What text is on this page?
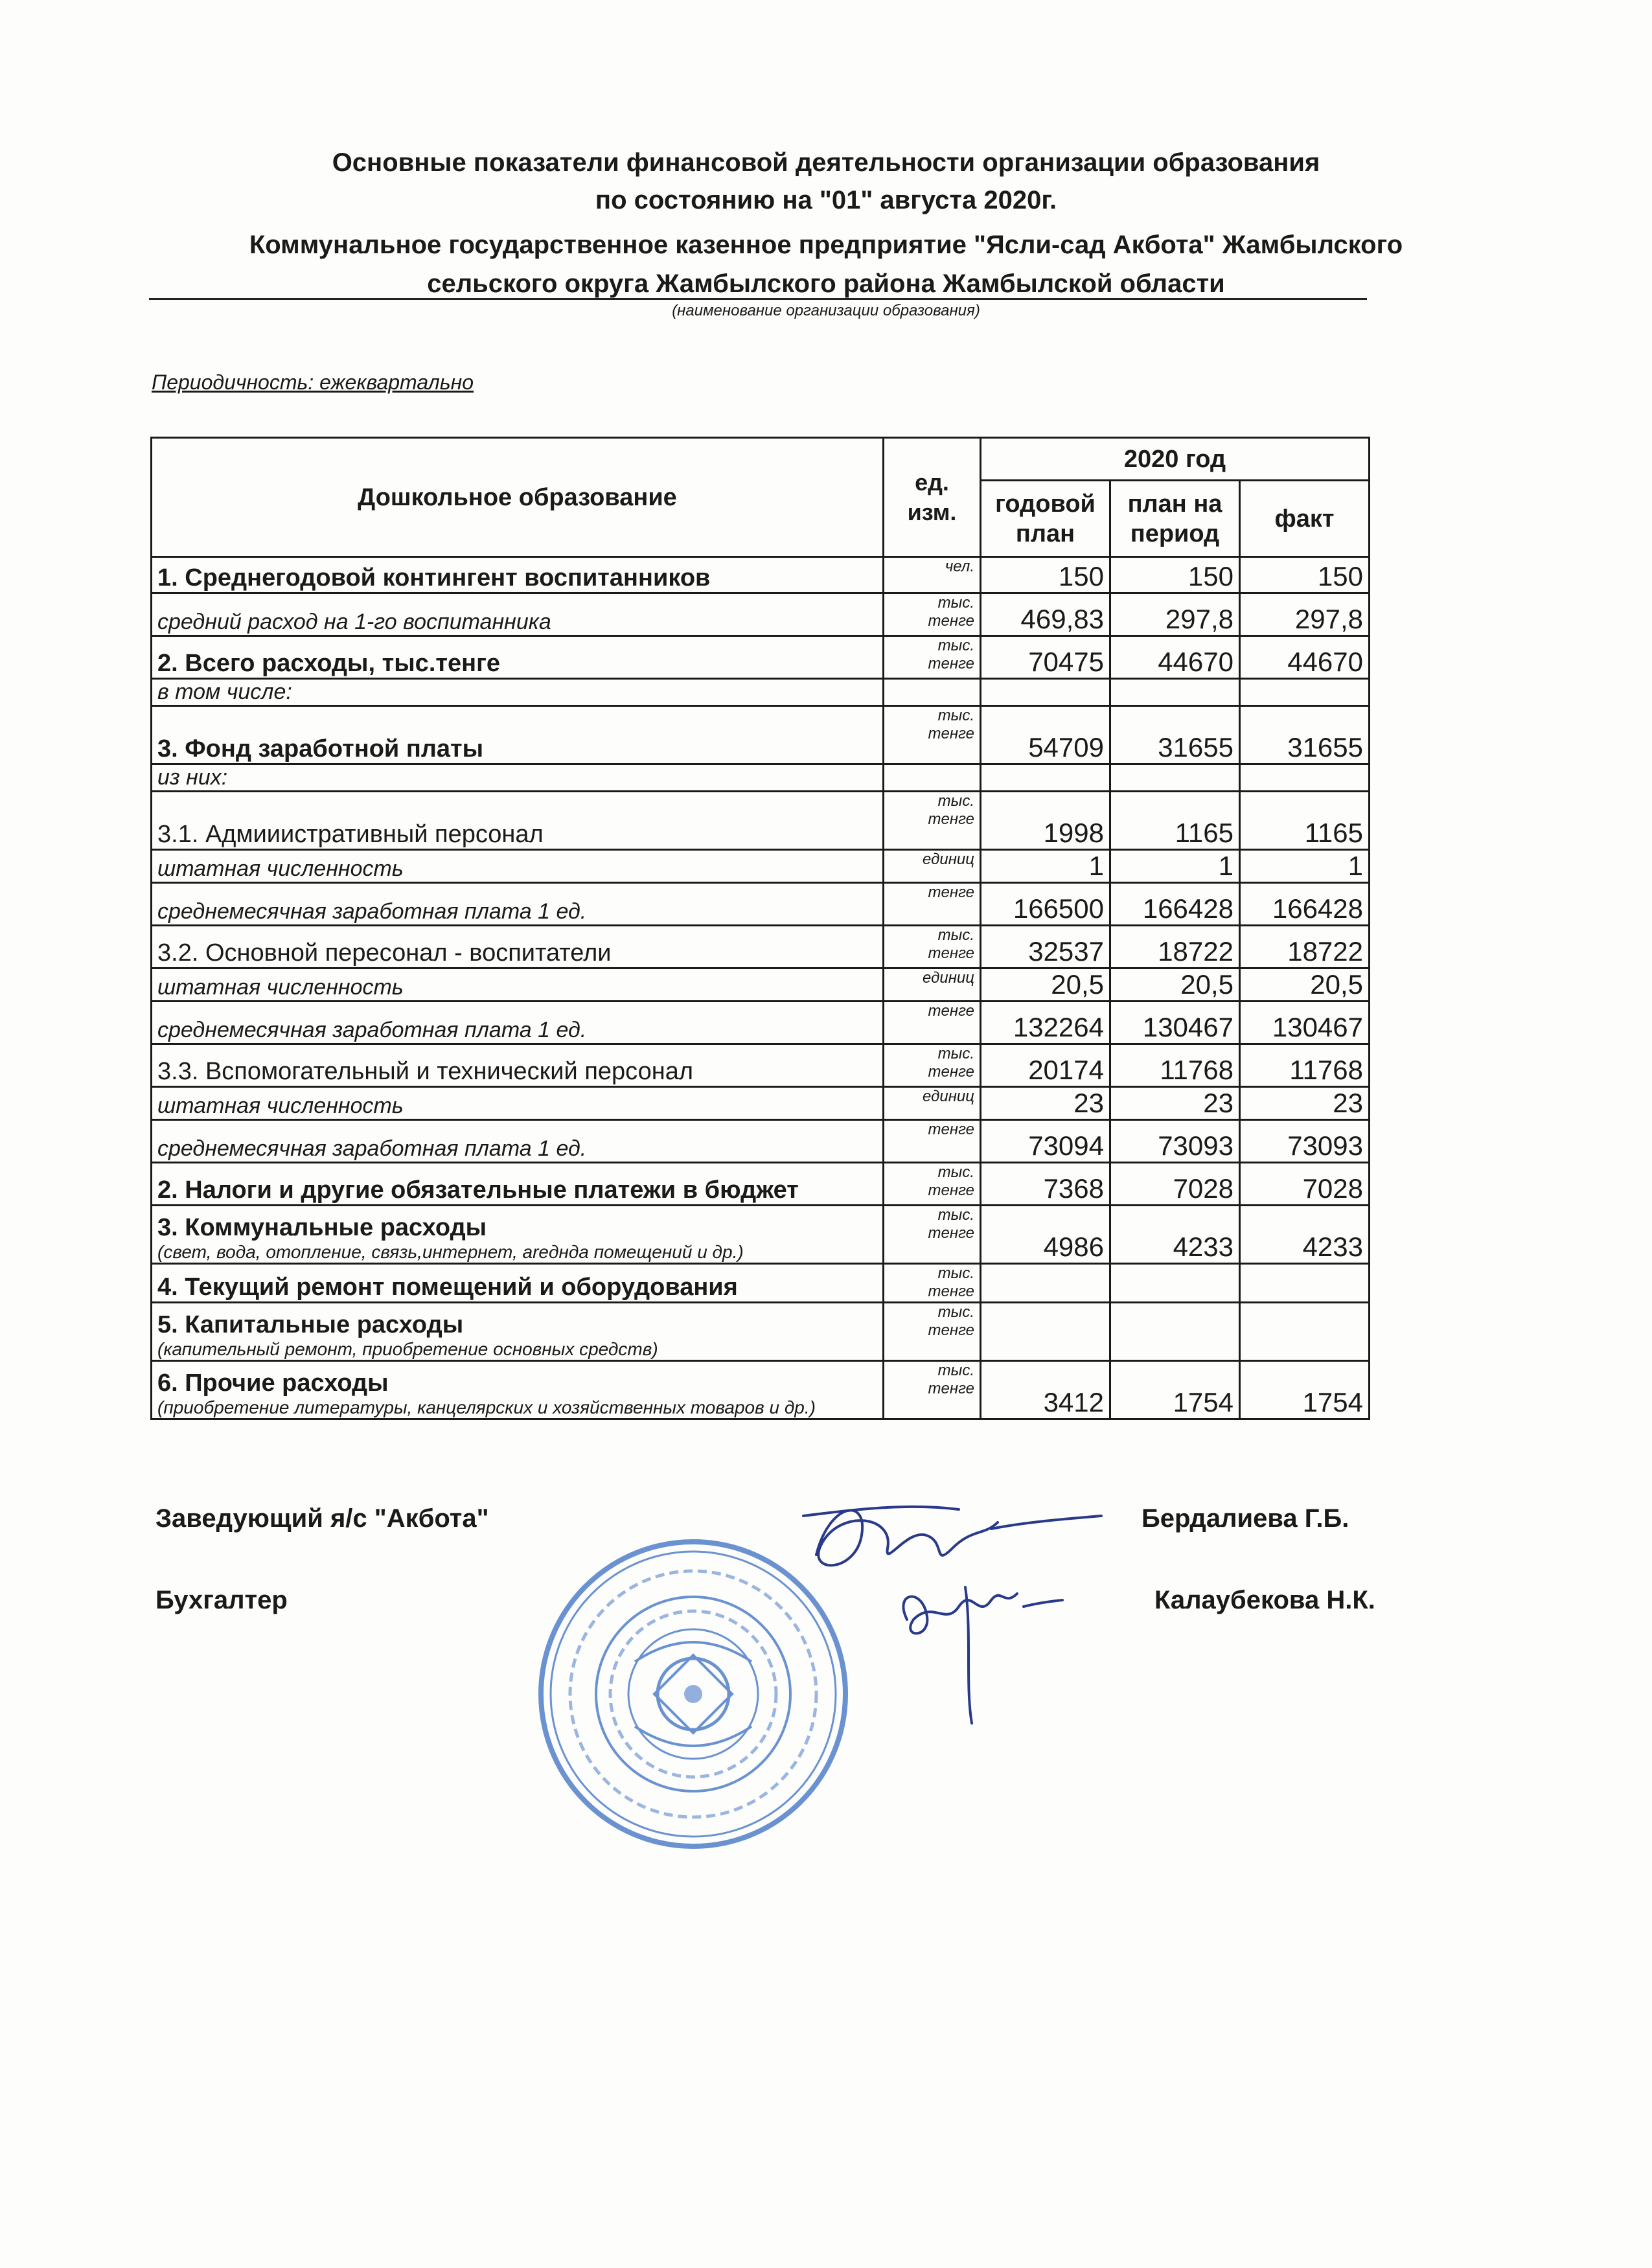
Основные показатели финансовой деятельности организации образования
по состоянию на "01" августа 2020г.
Коммунальное государственное казенное предприятие "Ясли-сад Акбота" Жамбылского
сельского округа Жамбылского района Жамбылской области
(наименование организации образования)
Периодичность: ежеквартально
Дошкольное образование	ед. изм.	2020 год		
		годовой план	план на период	факт
1. Среднегодовой контингент воспитанников	чел.	150	150	150
средний расход на 1-го воспитанника	тыс. тенге	469,83	297,8	297,8
2. Всего расходы, тыс.тенге	тыс. тенге	70475	44670	44670
в том числе:				
3. Фонд заработной платы	тыс. тенге	54709	31655	31655
из них:				
3.1. Адмииистративный персонал	тыс. тенге	1998	1165	1165
штатная численность	единиц	1	1	1
среднемесячная заработная плата 1 ед.	тенге	166500	166428	166428
3.2. Основной пересонал - воспитатели	тыс. тенге	32537	18722	18722
штатная численность	единиц	20,5	20,5	20,5
среднемесячная заработная плата 1 ед.	тенге	132264	130467	130467
3.3. Вспомогательный и технический персонал	тыс. тенге	20174	11768	11768
штатная численность	единиц	23	23	23
среднемесячная заработная плата 1 ед.	тенге	73094	73093	73093
2. Налоги и другие обязательные платежи в бюджет	тыс. тенге	7368	7028	7028
3. Коммунальные расходы
(свет, вода, отопление, связь,интернет, areдндa помещений и др.)	тыс. тенге	4986	4233	4233
4. Текущий ремонт помещений и оборудования	тыс. тенге			
5. Капитальные расходы
(капительный ремонт, приобретение основных средсmв)	тыс. тенге			
6. Прочие расходы
(приобретение литературы, канцелярских и хозяйственных товаров и др.)	тыс. тенге	3412	1754	1754
Заведующий я/с "Акбота"	Бердалиева Г.Б.
Бухгалтер	Калаубекова Н.К.
